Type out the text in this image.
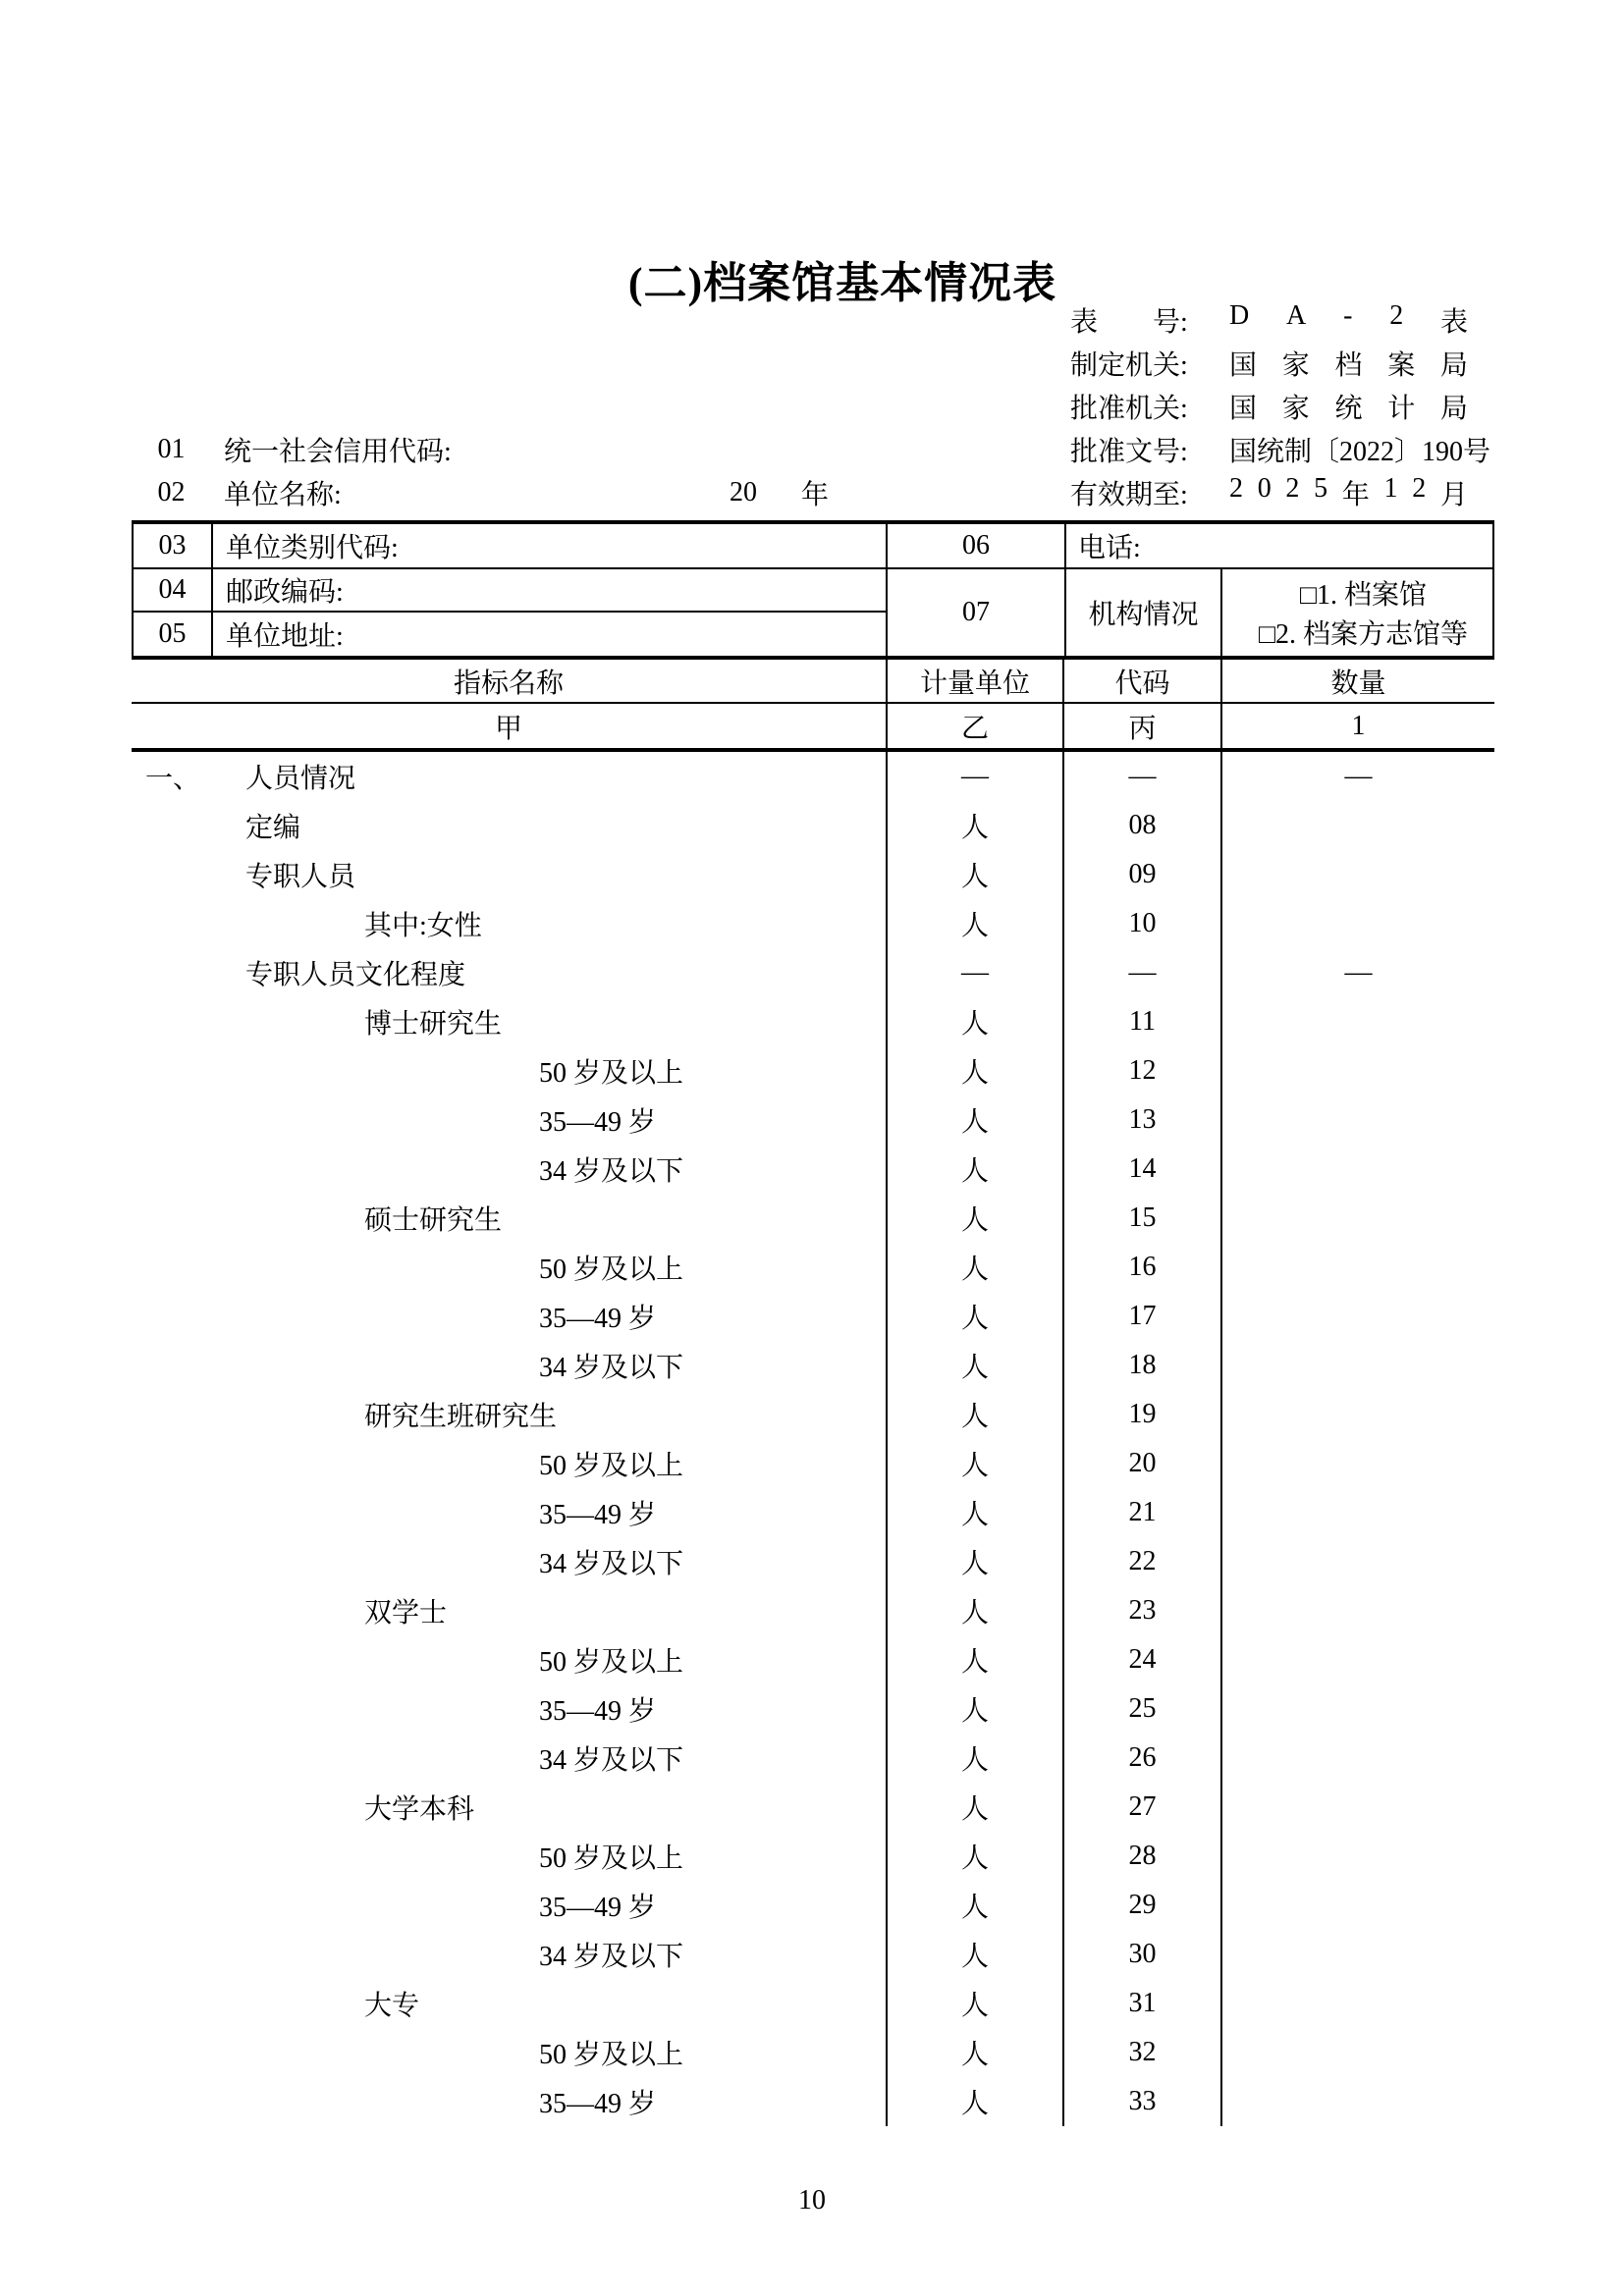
(二)档案馆基本情况表
表　　号: D A - 2 表
制定机关: 国 家 档 案 局
批准机关: 国 家 统 计 局
批准文号: 国统制〔2022〕190 号
有效期至: 2 0 2 5 年 1 2 月
01	统一社会信用代码:
02	单位名称:	20 年
03	单位类别代码:	06	电话:
04	邮政编码:
05	单位地址:
07	机构情况
□1. 档案馆
□2. 档案方志馆等
指标名称	计量单位	代码	数量
甲	乙	丙	1
一、 人员情况	—	—	—
定编	人	08
专职人员	人	09
其中:女性	人	10
专职人员文化程度	—	—	—
博士研究生	人	11
50 岁及以上	人	12
35—49 岁	人	13
34 岁及以下	人	14
硕士研究生	人	15
50 岁及以上	人	16
35—49 岁	人	17
34 岁及以下	人	18
研究生班研究生	人	19
50 岁及以上	人	20
35—49 岁	人	21
34 岁及以下	人	22
双学士	人	23
50 岁及以上	人	24
35—49 岁	人	25
34 岁及以下	人	26
大学本科	人	27
50 岁及以上	人	28
35—49 岁	人	29
34 岁及以下	人	30
大专	人	31
50 岁及以上	人	32
35—49 岁	人	33
10
